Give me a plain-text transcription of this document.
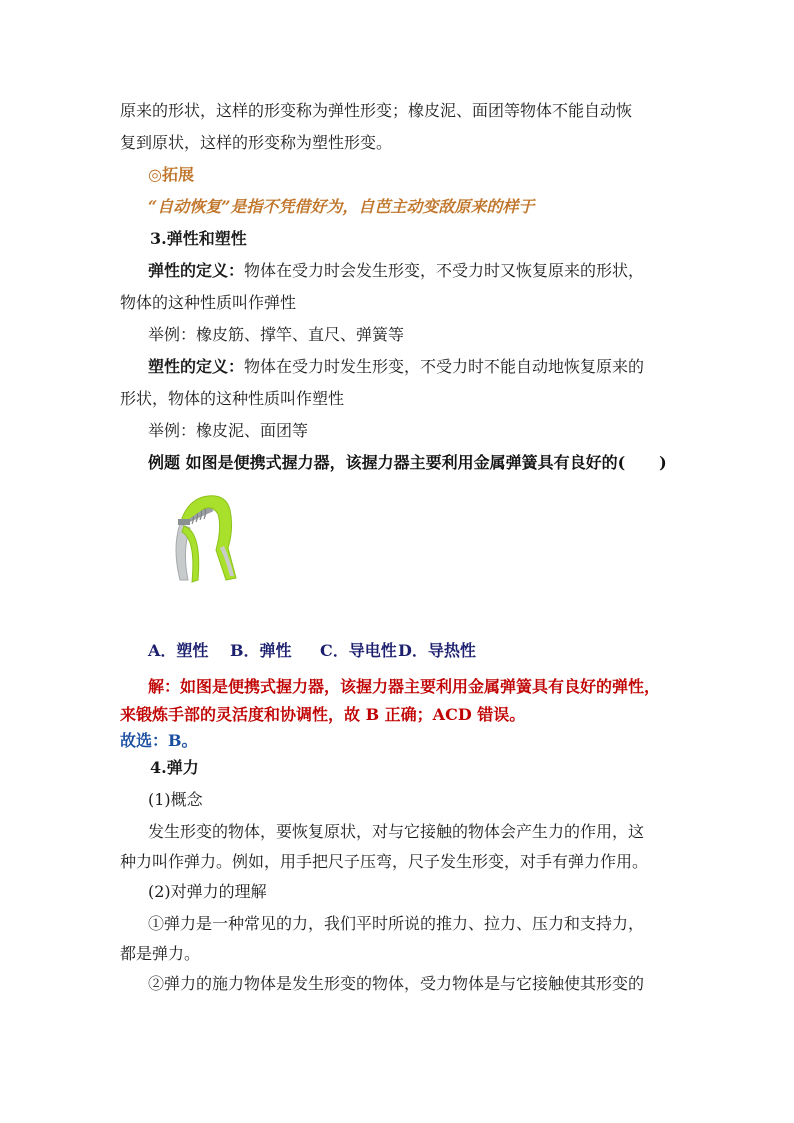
原来的形状，这样的形变称为弹性形变；橡皮泥、面团等物体不能自动恢
复到原状，这样的形变称为塑性形变。
◎拓展
“自动恢复”是指不凭借好为，自芭主动变敌原来的样于
3.弹性和塑性
弹性的定义：物体在受力时会发生形变，不受力时又恢复原来的形状，
物体的这种性质叫作弹性
举例：橡皮筋、撑竿、直尺、弹簧等
塑性的定义：物体在受力时发生形变，不受力时不能自动地恢复原来的
形状，物体的这种性质叫作塑性
举例：橡皮泥、面团等
例题 如图是便携式握力器，该握力器主要利用金属弹簧具有良好的( )
A．塑性 B．弹性 C．导电性D．导热性
解：如图是便携式握力器，该握力器主要利用金属弹簧具有良好的弹性，
来锻炼手部的灵活度和协调性，故 B 正确；ACD 错误。
故选：B。
4.弹力
(1)概念
发生形变的物体，要恢复原状，对与它接触的物体会产生力的作用，这
种力叫作弹力。例如，用手把尺子压弯，尺子发生形变，对手有弹力作用。
(2)对弹力的理解
①弹力是一种常见的力，我们平时所说的推力、拉力、压力和支持力，
都是弹力。
②弹力的施力物体是发生形变的物体，受力物体是与它接触使其形变的
